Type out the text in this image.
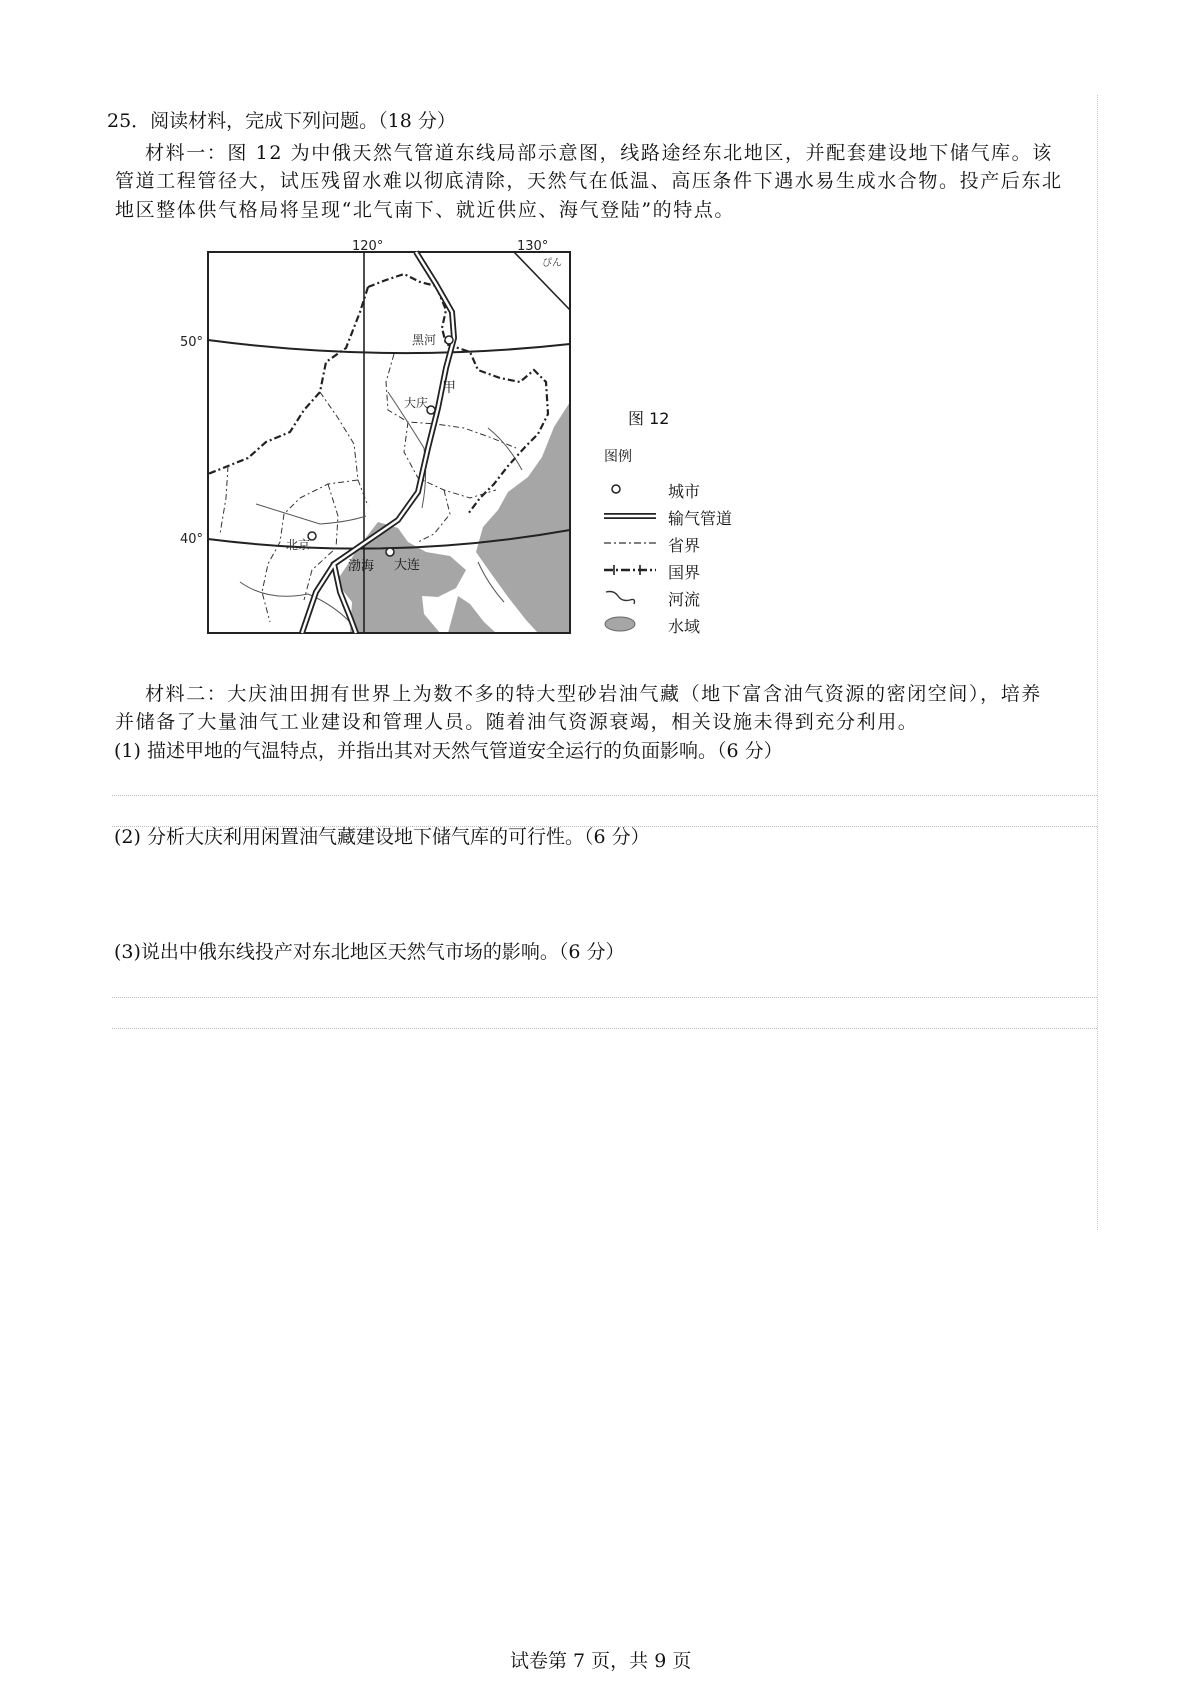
25．阅读材料，完成下列问题。（18 分）
材料一：图 12 为中俄天然气管道东线局部示意图，线路途经东北地区，并配套建设地下储气库。该
管道工程管径大，试压残留水难以彻底清除，天然气在低温、高压条件下遇水易生成水合物。投产后东北
地区整体供气格局将呈现“北气南下、就近供应、海气登陆”的特点。
120°	130°
50°
40°
黑河
甲
大庆
北京
渤海 大连
ぴん
图 12
图例
城市
输气管道
省界
国界
河流
水域
材料二：大庆油田拥有世界上为数不多的特大型砂岩油气藏（地下富含油气资源的密闭空间），培养
并储备了大量油气工业建设和管理人员。随着油气资源衰竭，相关设施未得到充分利用。
(1) 描述甲地的气温特点，并指出其对天然气管道安全运行的负面影响。（6 分）
(2) 分析大庆利用闲置油气藏建设地下储气库的可行性。（6 分）
(3)说出中俄东线投产对东北地区天然气市场的影响。（6 分）
试卷第 7 页，共 9 页
